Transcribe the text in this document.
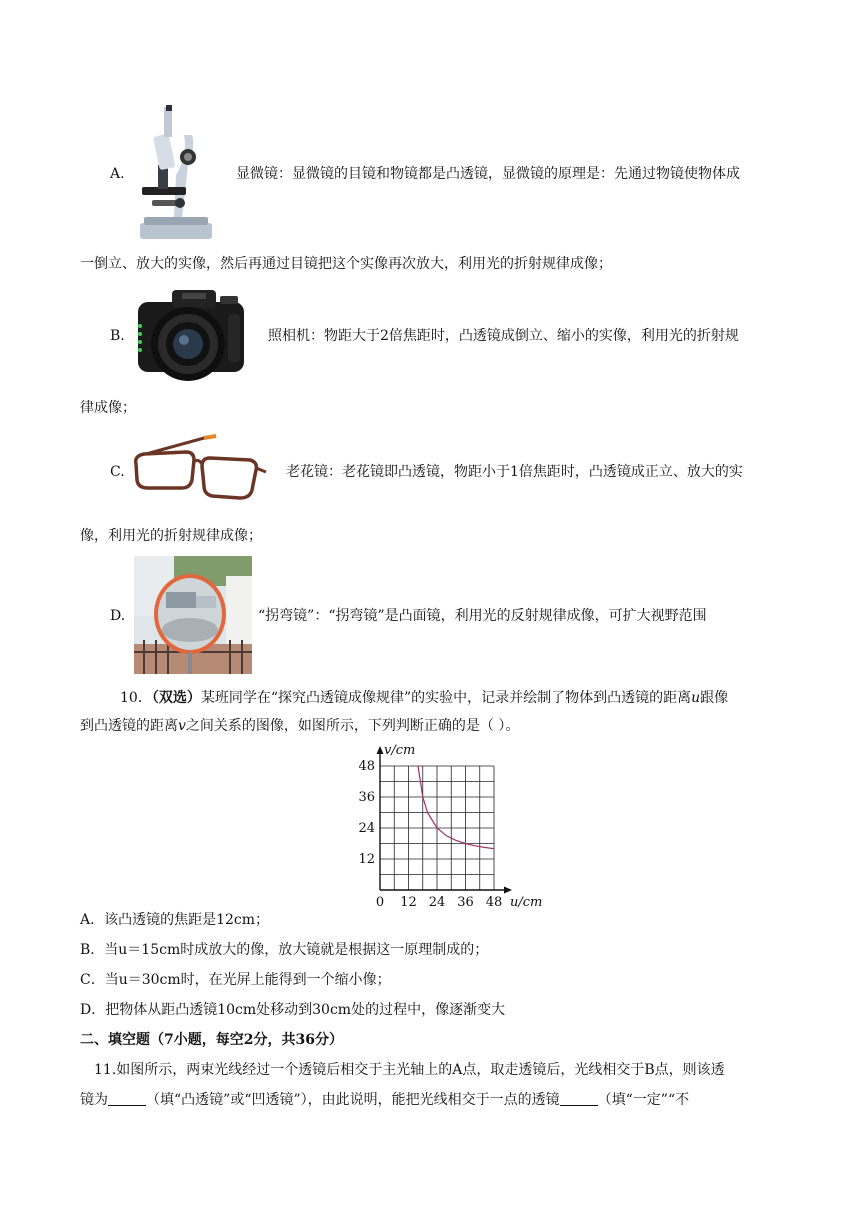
A.	显微镜：显微镜的目镜和物镜都是凸透镜，显微镜的原理是：先通过物镜使物体成
一倒立、放大的实像，然后再通过目镜把这个实像再次放大，利用光的折射规律成像；
B.	照相机：物距大于2倍焦距时，凸透镜成倒立、缩小的实像，利用光的折射规
律成像；
C.	老花镜：老花镜即凸透镜，物距小于1倍焦距时，凸透镜成正立、放大的实
像，利用光的折射规律成像；
D.	“拐弯镜”：“拐弯镜”是凸面镜，利用光的反射规律成像，可扩大视野范围
10．（双选）某班同学在“探究凸透镜成像规律”的实验中，记录并绘制了物体到凸透镜的距离u跟像
到凸透镜的距离v之间关系的图像，如图所示，下列判断正确的是（ ）。
0 12 24 36 48
12
24
36
48
u/cm
v/cm
A．该凸透镜的焦距是12cm；
B．当u＝15cm时成放大的像，放大镜就是根据这一原理制成的；
C．当u＝30cm时，在光屏上能得到一个缩小像；
D．把物体从距凸透镜10cm处移动到30cm处的过程中，像逐渐变大
二、填空题（7小题，每空2分，共36分）
11.如图所示，两束光线经过一个透镜后相交于主光轴上的A点，取走透镜后，光线相交于B点，则该透
镜为	（填“凸透镜”或“凹透镜”），由此说明，能把光线相交于一点的透镜	（填“一定”“不
